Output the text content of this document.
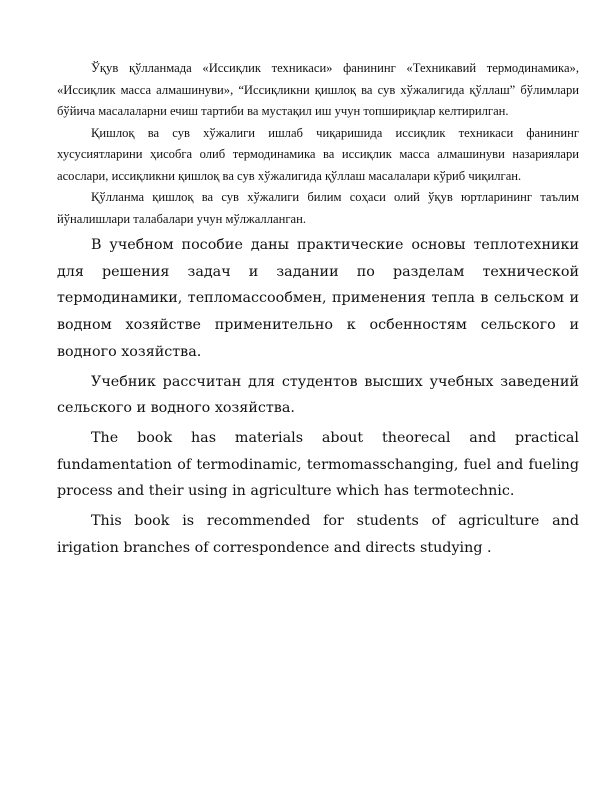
Ўқув қўлланмада «Иссиқлик техникаси» фанининг «Техникавий термодинамика», «Иссиқлик масса алмашинуви», “Иссиқликни қишлоқ ва сув хўжалигида қўллаш” бўлимлари бўйича масалаларни ечиш тартиби ва мустақил иш учун топшириқлар келтирилган.

Қишлоқ ва сув хўжалиги ишлаб чиқаришида иссиқлик техникаси фанининг хусусиятларини ҳисобга олиб термодинамика ва иссиқлик масса алмашинуви назариялари асослари, иссиқликни қишлоқ ва сув хўжалигида қўллаш масалалари кўриб чиқилган.

Қўлланма қишлоқ ва сув хўжалиги билим соҳаси олий ўқув юртларининг таълим йўналишлари талабалари учун мўлжалланган.

В учебном пособие даны практические основы теплотехники для решения задач и задании по разделам технической термодинамики, тепломассообмен, применения тепла в сельском и водном хозяйстве применительно к осбенностям сельского и водного хозяйства.

Учебник рассчитан для студентов высших учебных заведений сельского и водного хозяйства.

The book has materials about theorecal and practical fundamentation of termodinamic, termomasschanging, fuel and fueling process and their using in agriculture which has termotechnic.

This book is recommended for students of agriculture and irigation branches of correspondence and directs studying .
